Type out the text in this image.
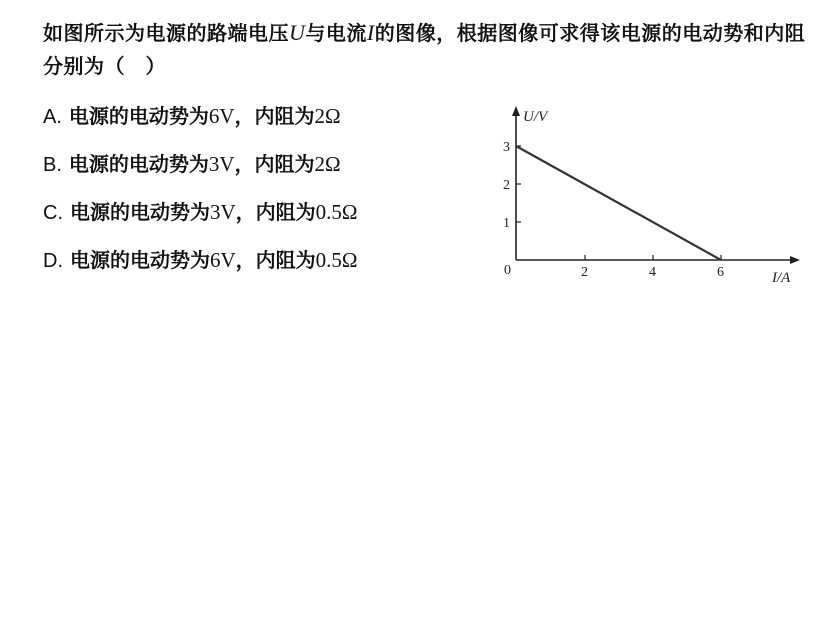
如图所示为电源的路端电压U与电流I的图像，根据图像可求得该电源的电动势和内阻分别为（　）
A. 电源的电动势为6V，内阻为2Ω
B. 电源的电动势为3V，内阻为2Ω
C. 电源的电动势为3V，内阻为0.5Ω
D. 电源的电动势为6V，内阻为0.5Ω
U/V
I/A
0	2	4	6
1
2
3
